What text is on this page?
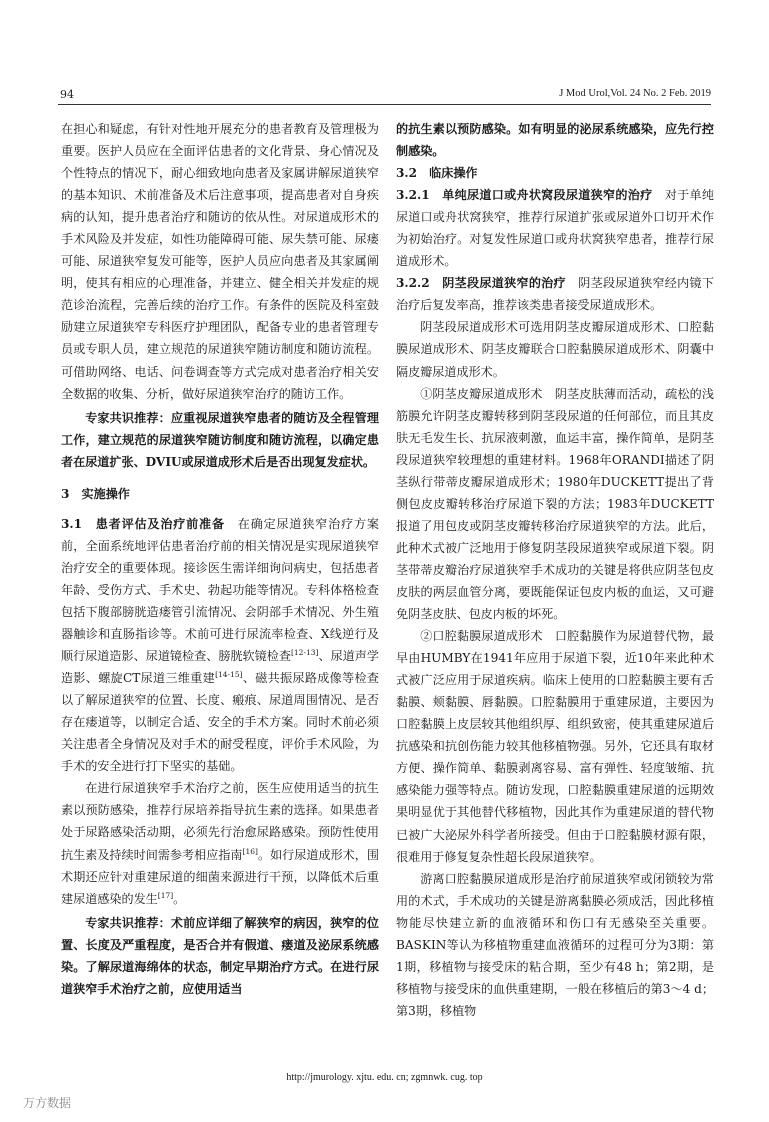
94	J Mod Urol,Vol. 24 No. 2 Feb. 2019

在担心和疑虑，有针对性地开展充分的患者教育及管理极为重要。医护人员应在全面评估患者的文化背景、身心情况及个性特点的情况下，耐心细致地向患者及家属讲解尿道狭窄的基本知识、术前准备及术后注意事项，提高患者对自身疾病的认知，提升患者治疗和随访的依从性。对尿道成形术的手术风险及并发症，如性功能障碍可能、尿失禁可能、尿瘘可能、尿道狭窄复发可能等，医护人员应向患者及其家属阐明，使其有相应的心理准备，并建立、健全相关并发症的规范诊治流程，完善后续的治疗工作。有条件的医院及科室鼓励建立尿道狭窄专科医疗护理团队，配备专业的患者管理专员或专职人员，建立规范的尿道狭窄随访制度和随访流程。可借助网络、电话、问卷调查等方式完成对患者治疗相关安全数据的收集、分析，做好尿道狭窄治疗的随访工作。

专家共识推荐：应重视尿道狭窄患者的随访及全程管理工作，建立规范的尿道狭窄随访制度和随访流程，以确定患者在尿道扩张、DVIU或尿道成形术后是否出现复发症状。

3　实施操作

3.1　患者评估及治疗前准备　 在确定尿道狭窄治疗方案前，全面系统地评估患者治疗前的相关情况是实现尿道狭窄治疗安全的重要体现。接诊医生需详细询问病史，包括患者年龄、受伤方式、手术史、勃起功能等情况。专科体格检查包括下腹部膀胱造瘘管引流情况、会阴部手术情况、外生殖器触诊和直肠指诊等。术前可进行尿流率检查、X线逆行及顺行尿道造影、尿道镜检查、膀胱软镜检查[12-13]、尿道声学造影、螺旋CT尿道三维重建[14-15]、磁共振尿路成像等检查以了解尿道狭窄的位置、长度、瘢痕、尿道周围情况、是否存在瘘道等，以制定合适、安全的手术方案。同时术前必须关注患者全身情况及对手术的耐受程度，评价手术风险，为手术的安全进行打下坚实的基础。

在进行尿道狭窄手术治疗之前，医生应使用适当的抗生素以预防感染，推荐行尿培养指导抗生素的选择。如果患者处于尿路感染活动期，必须先行治愈尿路感染。预防性使用抗生素及持续时间需参考相应指南[16]。如行尿道成形术，围术期还应针对重建尿道的细菌来源进行干预，以降低术后重建尿道感染的发生[17]。

专家共识推荐：术前应详细了解狭窄的病因，狭窄的位置、长度及严重程度，是否合并有假道、瘘道及泌尿系统感染。了解尿道海绵体的状态，制定早期治疗方式。在进行尿道狭窄手术治疗之前，应使用适当

的抗生素以预防感染。如有明显的泌尿系统感染，应先行控制感染。

3.2　临床操作

3.2.1　单纯尿道口或舟状窝段尿道狭窄的治疗　 对于单纯尿道口或舟状窝狭窄，推荐行尿道扩张或尿道外口切开术作为初始治疗。对复发性尿道口或舟状窝狭窄患者，推荐行尿道成形术。

3.2.2　阴茎段尿道狭窄的治疗　 阴茎段尿道狭窄经内镜下治疗后复发率高，推荐该类患者接受尿道成形术。

阴茎段尿道成形术可选用阴茎皮瓣尿道成形术、口腔黏膜尿道成形术、阴茎皮瓣联合口腔黏膜尿道成形术、阴囊中隔皮瓣尿道成形术。

①阴茎皮瓣尿道成形术　 阴茎皮肤薄而活动，疏松的浅筋膜允许阴茎皮瓣转移到阴茎段尿道的任何部位，而且其皮肤无毛发生长、抗尿液刺激，血运丰富，操作简单，是阴茎段尿道狭窄较理想的重建材料。1968年ORANDI描述了阴茎纵行带蒂皮瓣尿道成形术；1980年DUCKETT提出了背侧包皮皮瓣转移治疗尿道下裂的方法；1983年DUCKETT报道了用包皮或阴茎皮瓣转移治疗尿道狭窄的方法。此后，此种术式被广泛地用于修复阴茎段尿道狭窄或尿道下裂。阴茎带蒂皮瓣治疗尿道狭窄手术成功的关键是将供应阴茎包皮皮肤的两层血管分离，要既能保证包皮内板的血运，又可避免阴茎皮肤、包皮内板的坏死。

②口腔黏膜尿道成形术　 口腔黏膜作为尿道替代物，最早由HUMBY在1941年应用于尿道下裂，近10年来此种术式被广泛应用于尿道疾病。临床上使用的口腔黏膜主要有舌黏膜、颊黏膜、唇黏膜。口腔黏膜用于重建尿道，主要因为口腔黏膜上皮层较其他组织厚、组织致密，使其重建尿道后抗感染和抗创伤能力较其他移植物强。另外，它还具有取材方便、操作简单、黏膜剥离容易、富有弹性、轻度皱缩、抗感染能力强等特点。随访发现，口腔黏膜重建尿道的远期效果明显优于其他替代移植物，因此其作为重建尿道的替代物已被广大泌尿外科学者所接受。但由于口腔黏膜材源有限，很难用于修复复杂性超长段尿道狭窄。

游离口腔黏膜尿道成形是治疗前尿道狭窄或闭锁较为常用的术式，手术成功的关键是游离黏膜必须成活，因此移植物能尽快建立新的血液循环和伤口有无感染至关重要。BASKIN等认为移植物重建血液循环的过程可分为3期：第1期，移植物与接受床的粘合期，至少有48 h；第2期，是移植物与接受床的血供重建期，一般在移植后的第3～4 d；第3期，移植物

http://jmurology. xjtu. edu. cn; zgmnwk. cug. top
万方数据
